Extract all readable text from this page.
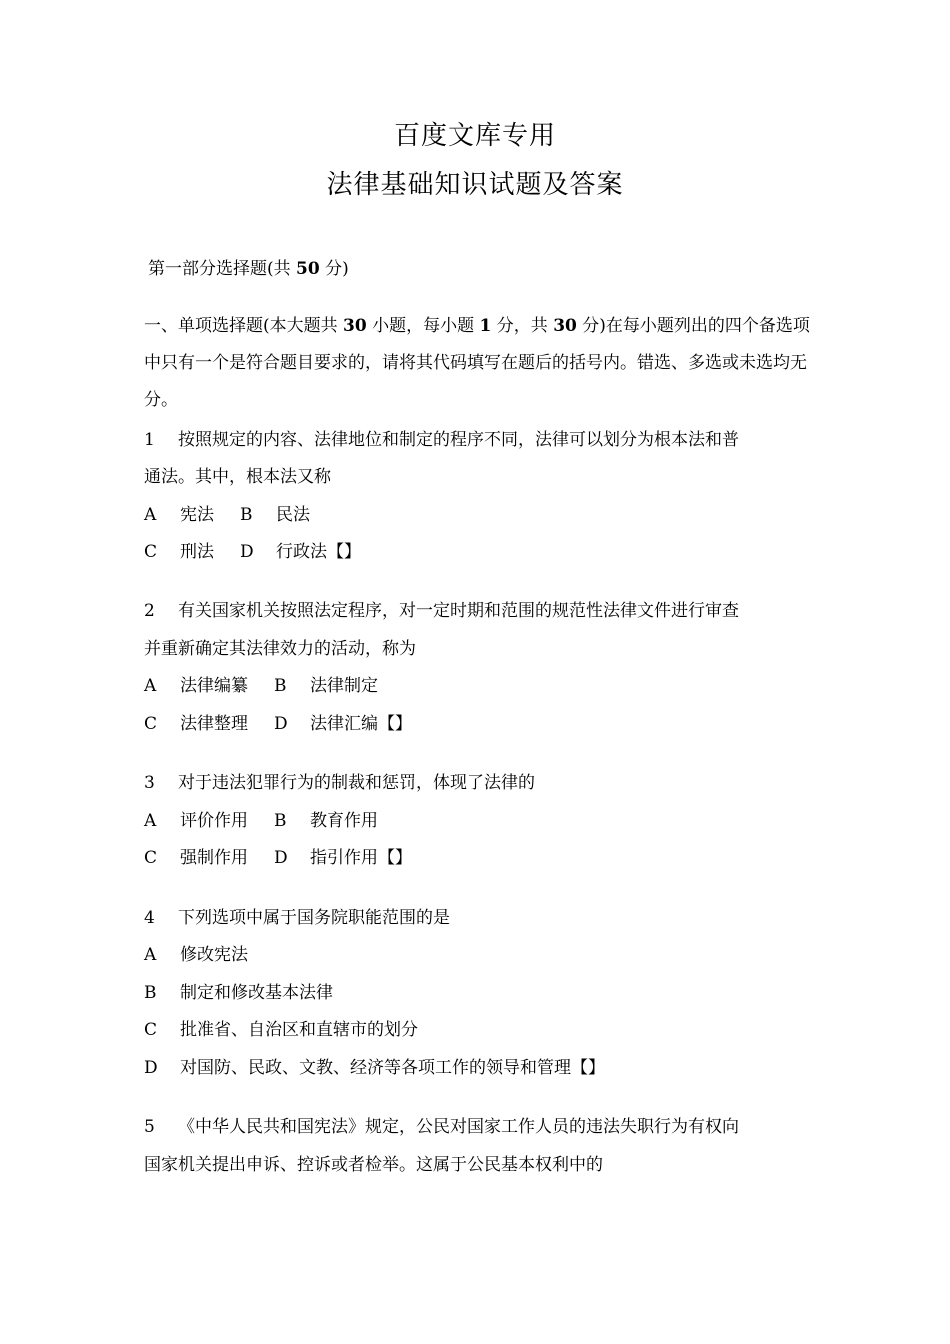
百度文库专用
法律基础知识试题及答案
第一部分选择题(共 50 分)
一、单项选择题(本大题共 30 小题，每小题 1 分，共 30 分)在每小题列出的四个备选项中只有一个是符合题目要求的，请将其代码填写在题后的括号内。错选、多选或未选均无分。
1 按照规定的内容、法律地位和制定的程序不同，法律可以划分为根本法和普
通法。其中，根本法又称
A 宪法 B 民法
C 刑法 D 行政法【】
2 有关国家机关按照法定程序，对一定时期和范围的规范性法律文件进行审查
并重新确定其法律效力的活动，称为
A 法律编纂 B 法律制定
C 法律整理 D 法律汇编【】
3 对于违法犯罪行为的制裁和惩罚，体现了法律的
A 评价作用 B 教育作用
C 强制作用 D 指引作用【】
4 下列选项中属于国务院职能范围的是
A 修改宪法
B 制定和修改基本法律
C 批准省、自治区和直辖市的划分
D 对国防、民政、文教、经济等各项工作的领导和管理【】
5 《中华人民共和国宪法》规定，公民对国家工作人员的违法失职行为有权向
国家机关提出申诉、控诉或者检举。这属于公民基本权利中的
